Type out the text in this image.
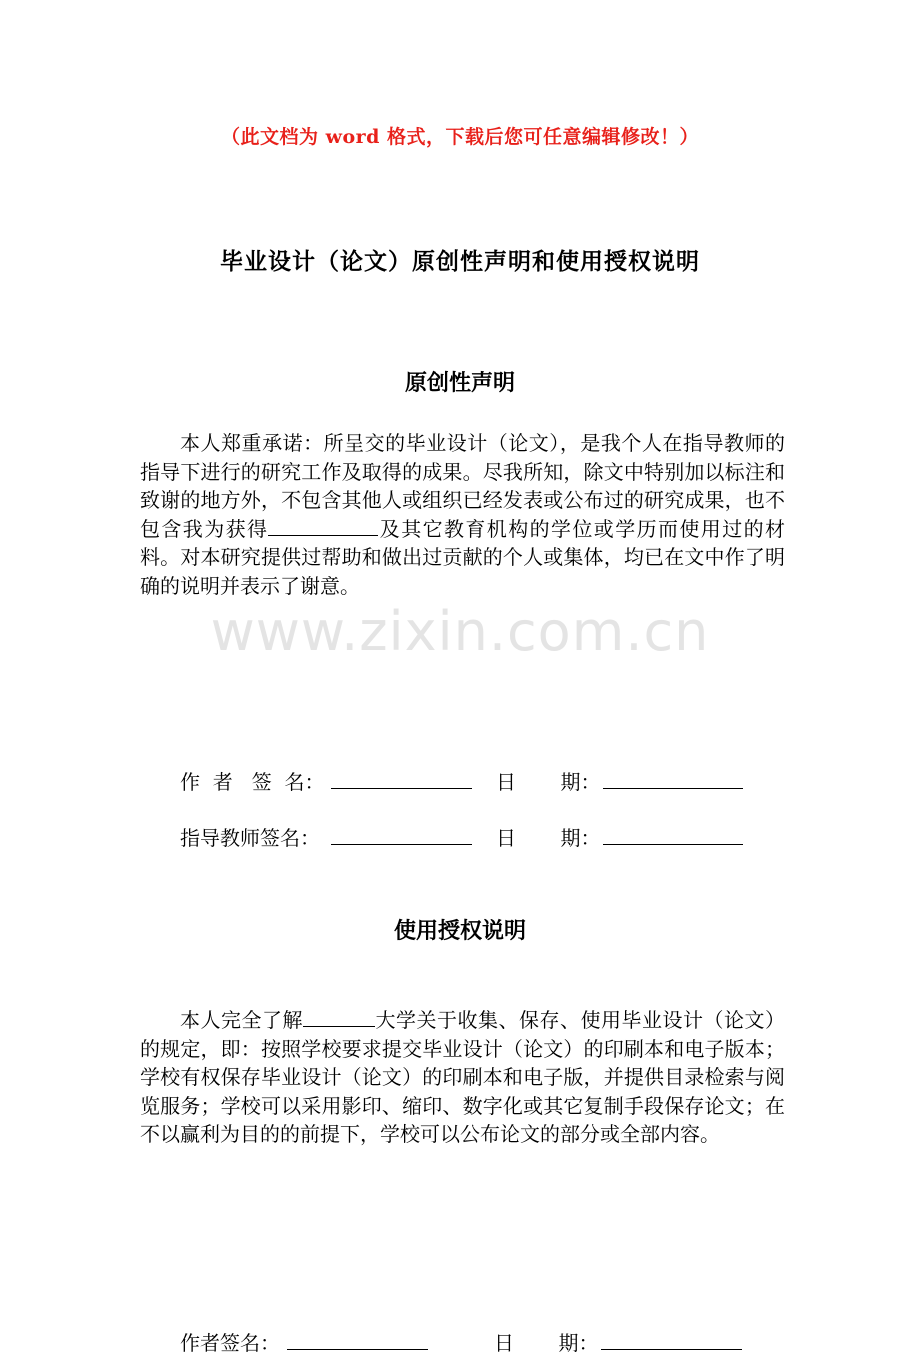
www.zixin.com.cn
（此文档为 word 格式，下载后您可任意编辑修改！）
毕业设计（论文）原创性声明和使用授权说明
原创性声明
本人郑重承诺：所呈交的毕业设计（论文），是我个人在指导教师的指导下进行的研究工作及取得的成果。尽我所知，除文中特别加以标注和致谢的地方外，不包含其他人或组织已经发表或公布过的研究成果，也不包含我为获得	及其它教育机构的学位或学历而使用过的材料。对本研究提供过帮助和做出过贡献的个人或集体，均已在文中作了明确的说明并表示了谢意。
作  者   签  名：	日       期：
指导教师签名：	日       期：
使用授权说明
本人完全了解	大学关于收集、保存、使用毕业设计（论文）的规定，即：按照学校要求提交毕业设计（论文）的印刷本和电子版本；学校有权保存毕业设计（论文）的印刷本和电子版，并提供目录检索与阅览服务；学校可以采用影印、缩印、数字化或其它复制手段保存论文；在不以赢利为目的的前提下，学校可以公布论文的部分或全部内容。
作者签名：	日       期：
